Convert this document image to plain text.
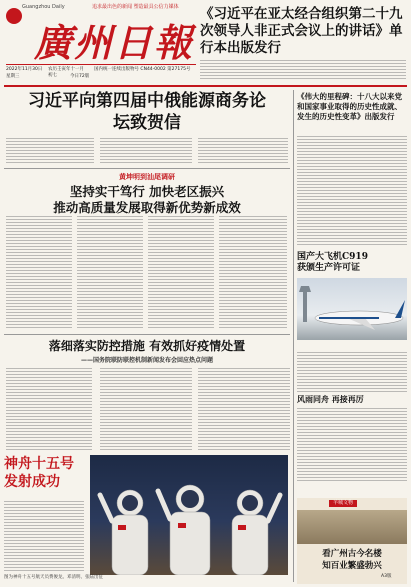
Guangzhou Daily	追求最出色的新闻 塑造最具公信力媒体
廣州日報
《习近平在亚太经合组织第二十九次领导人非正式会议上的讲话》单行本出版发行
2022年11月30日
星期三
农历壬寅年十一月初七	今日72版
国内统一连续出版物号 CN44-0002 第27175号
习近平向第四届中俄能源商务论坛致贺信
黄坤明到汕尾调研
坚持实干笃行 加快老区振兴
推动高质量发展取得新优势新成效
落细落实防控措施 有效抓好疫情处置
——国务院联防联控机制新闻发布会回应热点问题
神舟十五号
发射成功
图为神舟十五号航天员费俊龙、邓清明、张陆出征
《伟大的里程碑：十八大以来党和国家事业取得的历史性成就、发生的历史性变革》出版发行
国产大飞机C919
获颁生产许可证
风雨同舟 再接再厉
羊城文物
看广州古今名楼
知百业繁盛勃兴
A3版
